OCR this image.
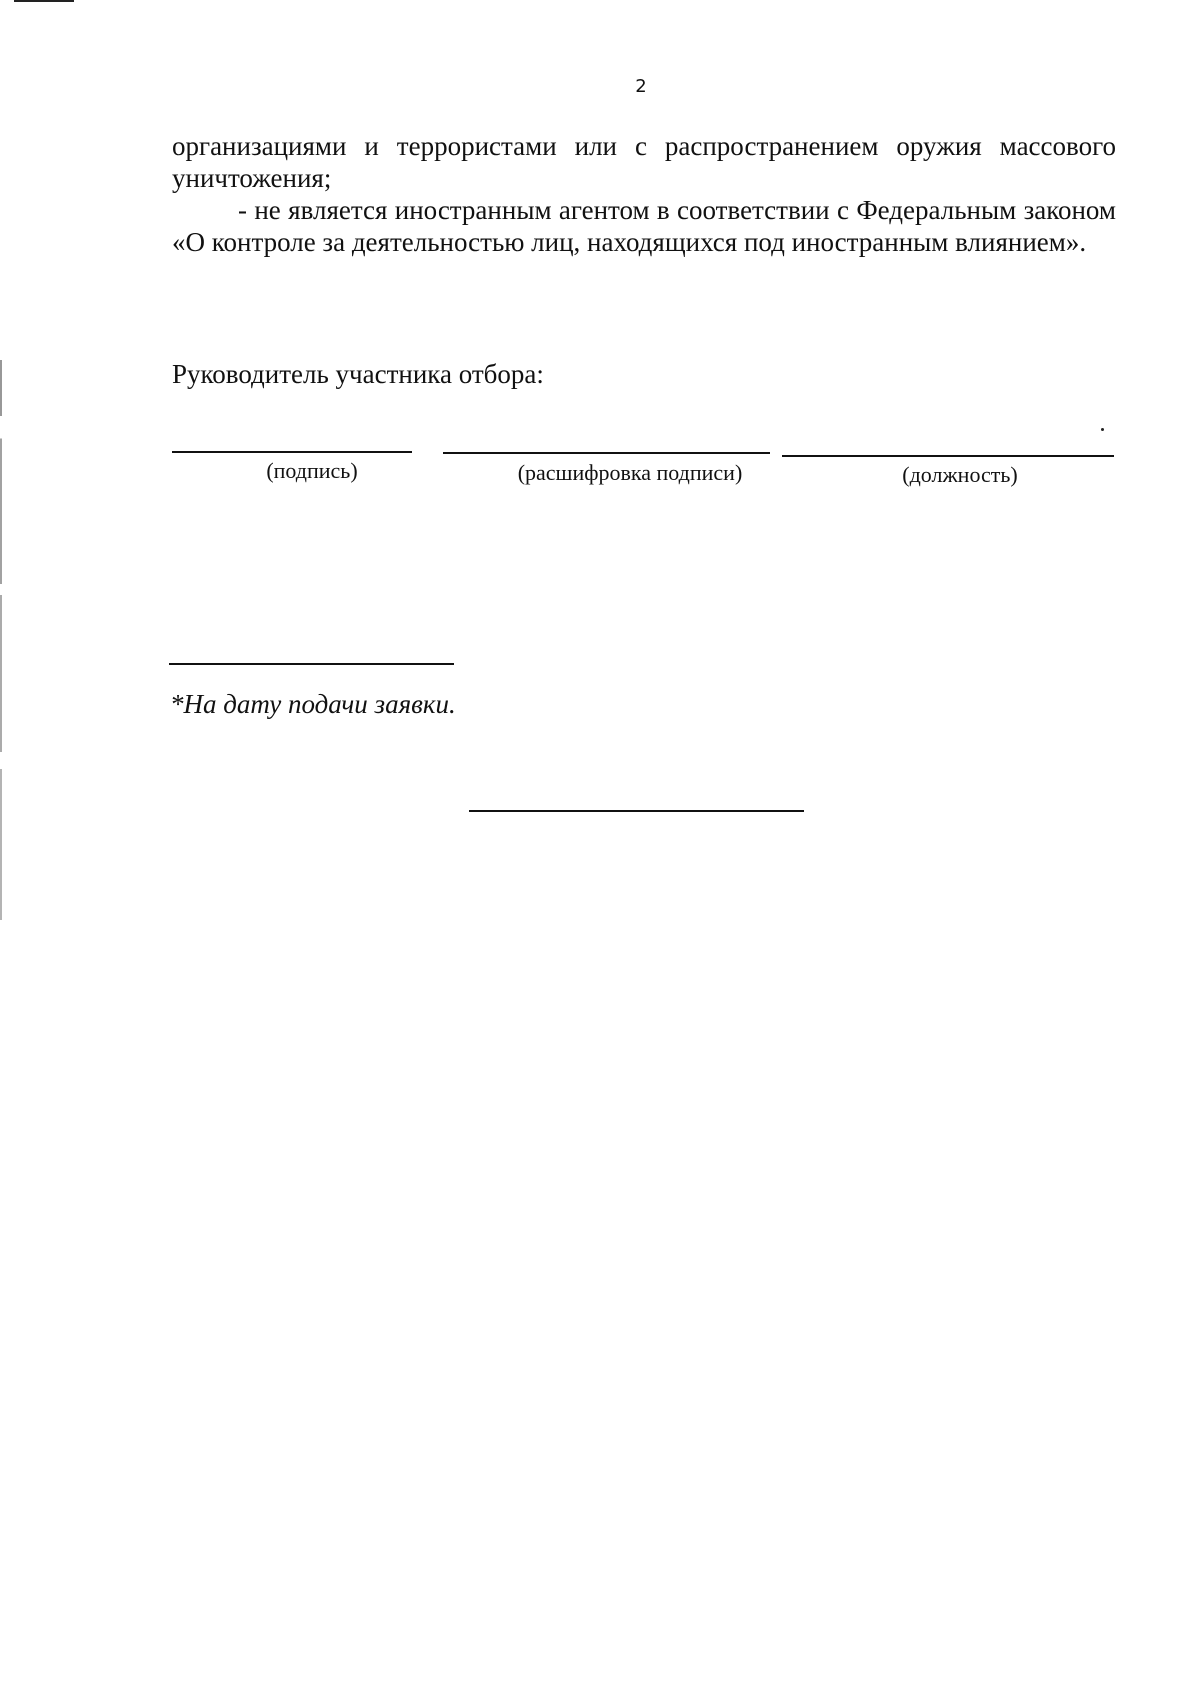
2

организациями и террористами или с распространением оружия массового уничтожения;

- не является иностранным агентом в соответствии с Федеральным законом «О контроле за деятельностью лиц, находящихся под иностранным влиянием».

Руководитель участника отбора:
(подпись)	(расшифровка подписи)	(должность)
*На дату подачи заявки.
